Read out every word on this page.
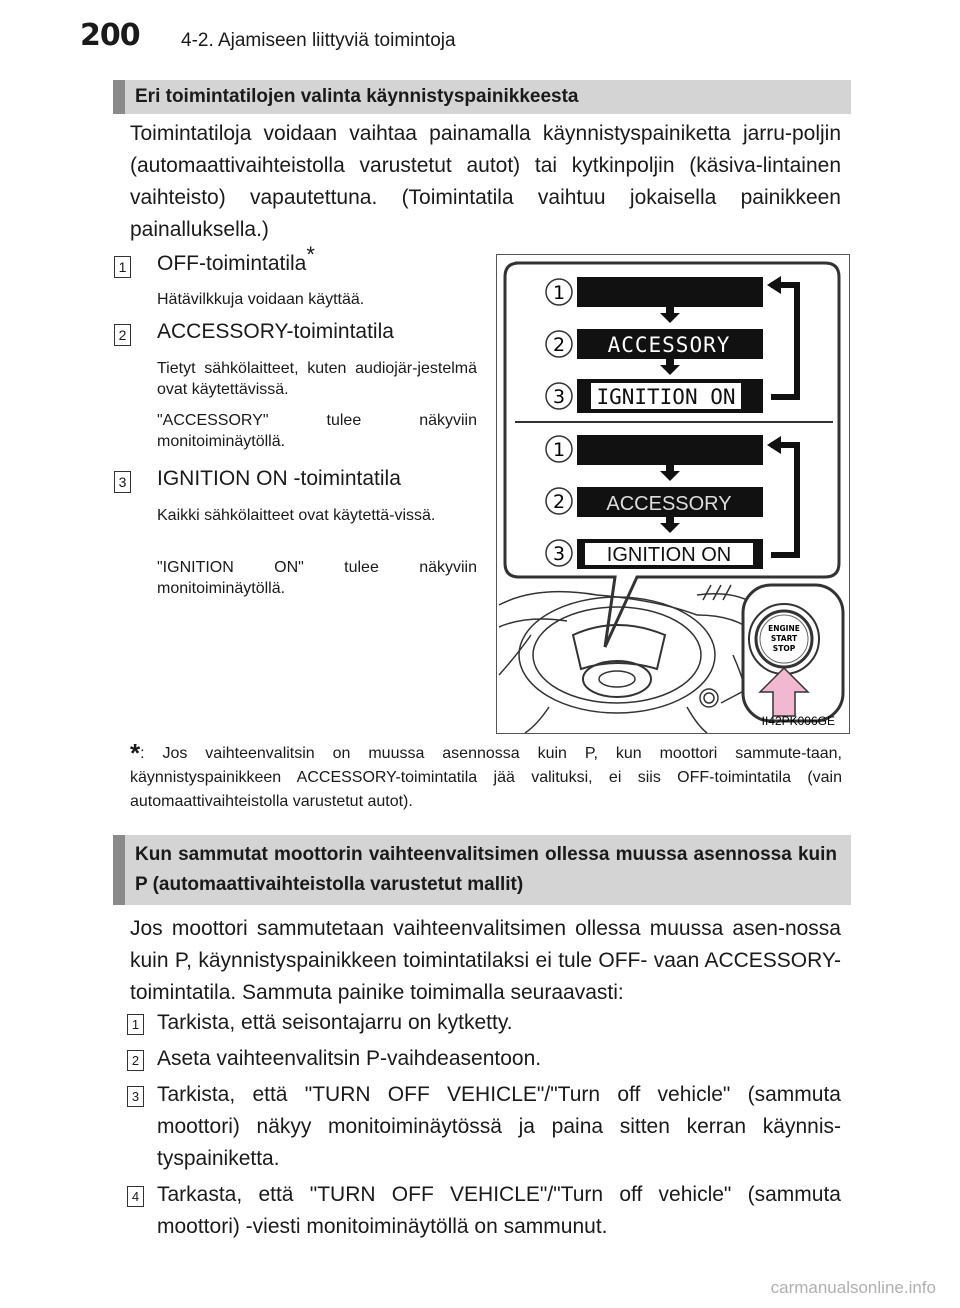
200 4-2. Ajamiseen liittyviä toimintoja
Eri toimintatilojen valinta käynnistyspainikkeesta
Toimintatiloja voidaan vaihtaa painamalla käynnistyspainiketta jarru-poljin (automaattivaihteistolla varustetut autot) tai kytkinpoljin (käsiva-lintainen vaihteisto) vapautettuna. (Toimintatila vaihtuu jokaisella painikkeen painalluksella.)
1 OFF-toimintatila*
Hätävilkkuja voidaan käyttää.
2 ACCESSORY-toimintatila
Tietyt sähkölaitteet, kuten audiojär-jestelmä ovat käytettävissä.
"ACCESSORY" tulee näkyviin monitoiminäytöllä.
3 IGNITION ON -toimintatila
Kaikki sähkölaitteet ovat käytettä-vissä.
"IGNITION ON" tulee näkyviin monitoiminäytöllä.
1
2
3
ACCESSORY
IGNITION ON
1
2
3
ACCESSORY
IGNITION ON
ENGINE
START
STOP
II42PK006GE
*: Jos vaihteenvalitsin on muussa asennossa kuin P, kun moottori sammute-taan, käynnistyspainikkeen ACCESSORY-toimintatila jää valituksi, ei siis OFF-toimintatila (vain automaattivaihteistolla varustetut autot).
Kun sammutat moottorin vaihteenvalitsimen ollessa muussa asennossa kuin P (automaattivaihteistolla varustetut mallit)
Jos moottori sammutetaan vaihteenvalitsimen ollessa muussa asen-nossa kuin P, käynnistyspainikkeen toimintatilaksi ei tule OFF- vaan ACCESSORY-toimintatila. Sammuta painike toimimalla seuraavasti:
1 Tarkista, että seisontajarru on kytketty.
2 Aseta vaihteenvalitsin P-vaihdeasentoon.
3 Tarkista, että "TURN OFF VEHICLE"/"Turn off vehicle" (sammuta moottori) näkyy monitoiminäytössä ja paina sitten kerran käynnis-tyspainiketta.
4 Tarkasta, että "TURN OFF VEHICLE"/"Turn off vehicle" (sammuta moottori) -viesti monitoiminäytöllä on sammunut.
carmanualsonline.info
